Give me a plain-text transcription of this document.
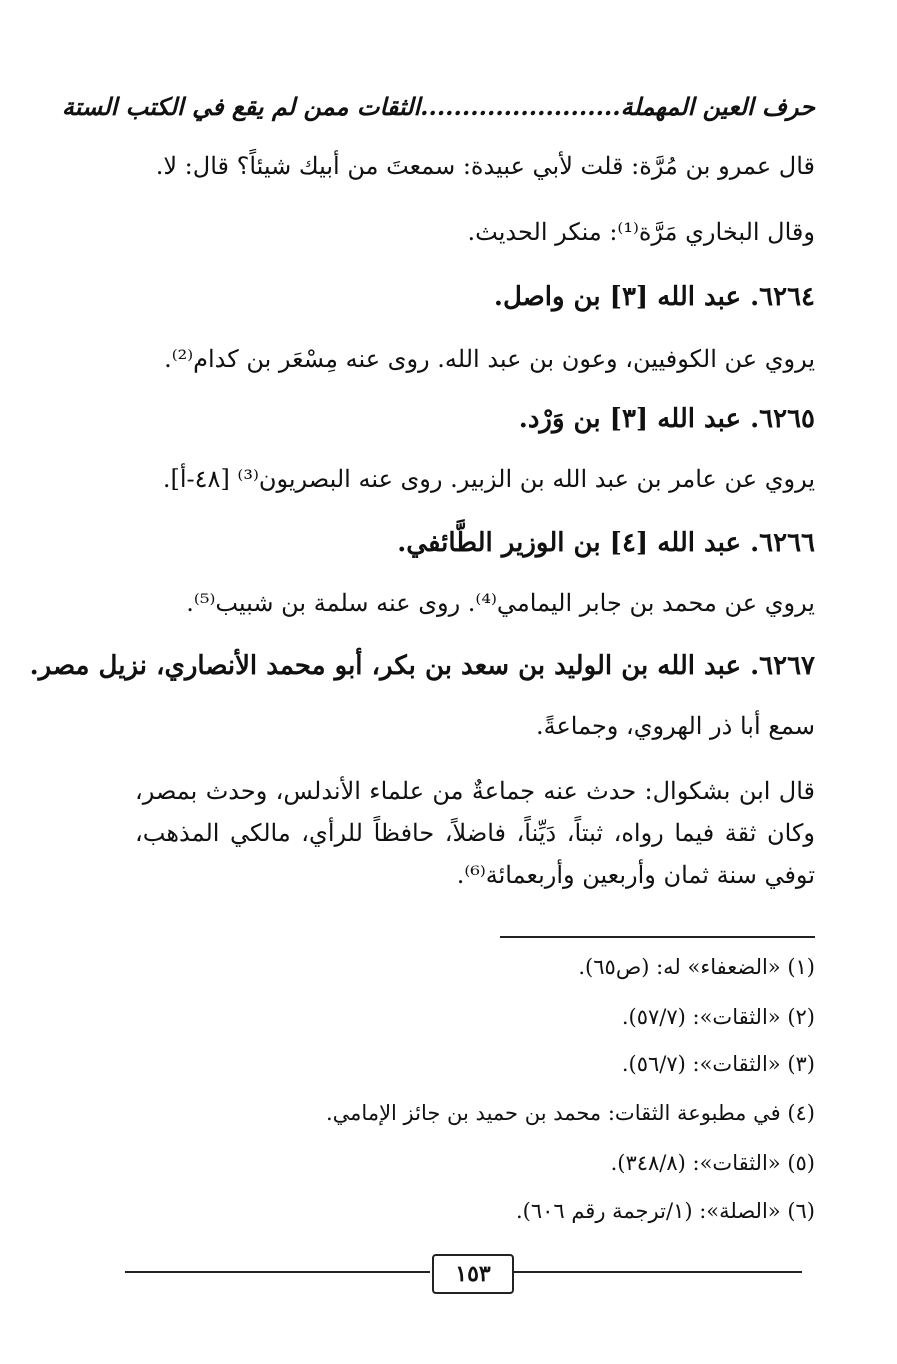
حرف العين المهملة........................الثقات ممن لم يقع في الكتب الستة
قال عمرو بن مُرَّة: قلت لأبي عبيدة: سمعتَ من أبيك شيئاً؟ قال: لا.
وقال البخاري مَرَّة⁽¹⁾: منكر الحديث.
٦٢٦٤. عبد الله [٣] بن واصل.
يروي عن الكوفيين، وعون بن عبد الله. روى عنه مِسْعَر بن كدام⁽²⁾.
٦٢٦٥. عبد الله [٣] بن وَرْد.
يروي عن عامر بن عبد الله بن الزبير. روى عنه البصريون⁽³⁾ [٤٨-أ].
٦٢٦٦. عبد الله [٤] بن الوزير الطَّائفي.
يروي عن محمد بن جابر اليمامي⁽⁴⁾. روى عنه سلمة بن شبيب⁽⁵⁾.
٦٢٦٧. عبد الله بن الوليد بن سعد بن بكر، أبو محمد الأنصاري، نزيل مصر.
سمع أبا ذر الهروي، وجماعةً.
قال ابن بشكوال: حدث عنه جماعةٌ من علماء الأندلس، وحدث بمصر، وكان ثقة فيما رواه، ثبتاً، دَيِّناً، فاضلاً، حافظاً للرأي، مالكي المذهب، توفي سنة ثمان وأربعين وأربعمائة⁽⁶⁾.
(١) «الضعفاء» له: (ص٦٥).
(٢) «الثقات»: (٥٧/٧).
(٣) «الثقات»: (٥٦/٧).
(٤) في مطبوعة الثقات: محمد بن حميد بن جائز الإمامي.
(٥) «الثقات»: (٣٤٨/٨).
(٦) «الصلة»: (١/ترجمة رقم ٦٠٦).
١٥٣
